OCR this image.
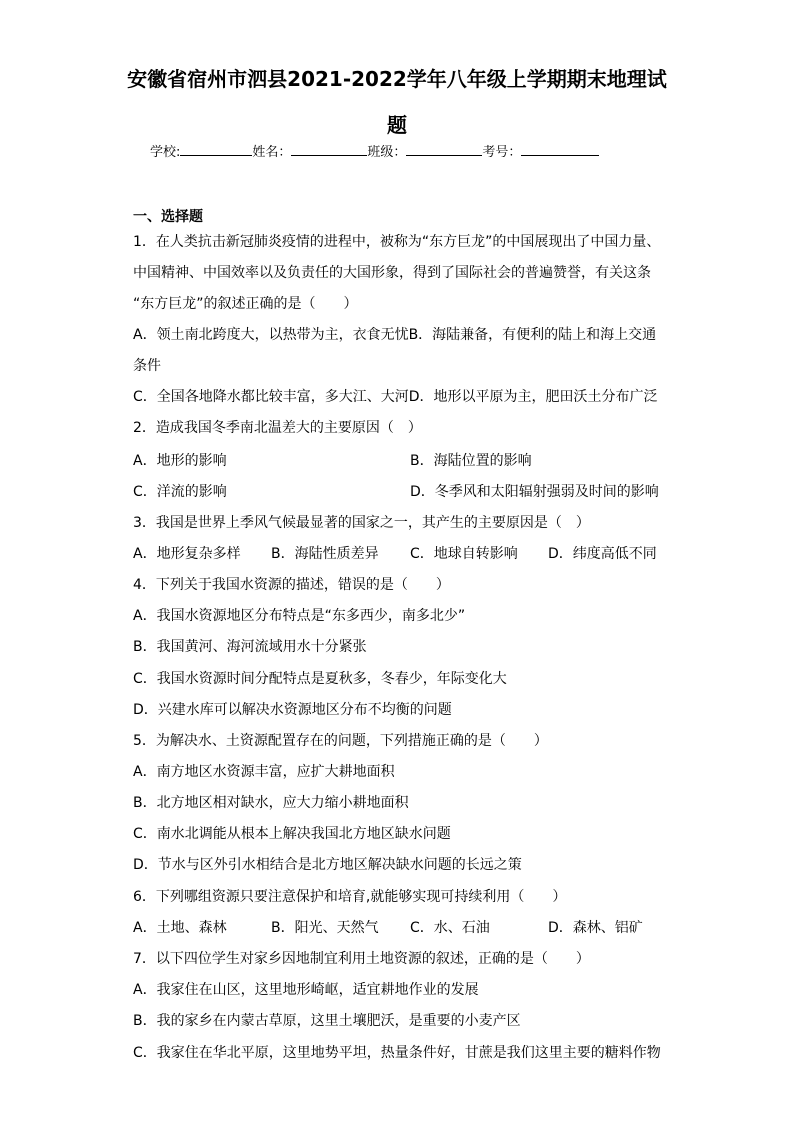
安徽省宿州市泗县2021-2022学年八年级上学期期末地理试
题
学校:	姓名：	班级：	考号：
一、选择题
1．在人类抗击新冠肺炎疫情的进程中，被称为“东方巨龙”的中国展现出了中国力量、
中国精神、中国效率以及负责任的大国形象，得到了国际社会的普遍赞誉，有关这条
“东方巨龙”的叙述正确的是（　　）
A．领土南北跨度大，以热带为主，衣食无忧B．海陆兼备，有便利的陆上和海上交通
条件
C．全国各地降水都比较丰富，多大江、大河D．地形以平原为主，肥田沃土分布广泛
2．造成我国冬季南北温差大的主要原因（　）
A．地形的影响	B．海陆位置的影响
C．洋流的影响	D．冬季风和太阳辐射强弱及时间的影响
3．我国是世界上季风气候最显著的国家之一，其产生的主要原因是（　）
A．地形复杂多样 B．海陆性质差异 C．地球自转影响 D．纬度高低不同
4．下列关于我国水资源的描述，错误的是（　　）
A．我国水资源地区分布特点是“东多西少，南多北少”
B．我国黄河、海河流域用水十分紧张
C．我国水资源时间分配特点是夏秋多，冬春少，年际变化大
D．兴建水库可以解决水资源地区分布不均衡的问题
5．为解决水、土资源配置存在的问题，下列措施正确的是（　　）
A．南方地区水资源丰富，应扩大耕地面积
B．北方地区相对缺水，应大力缩小耕地面积
C．南水北调能从根本上解决我国北方地区缺水问题
D．节水与区外引水相结合是北方地区解决缺水问题的长远之策
6．下列哪组资源只要注意保护和培育,就能够实现可持续利用（　　）
A．土地、森林	B．阳光、天然气 C．水、石油	D．森林、铝矿
7．以下四位学生对家乡因地制宜利用土地资源的叙述，正确的是（　　）
A．我家住在山区，这里地形崎岖，适宜耕地作业的发展
B．我的家乡在内蒙古草原，这里土壤肥沃，是重要的小麦产区
C．我家住在华北平原，这里地势平坦，热量条件好，甘蔗是我们这里主要的糖料作物
